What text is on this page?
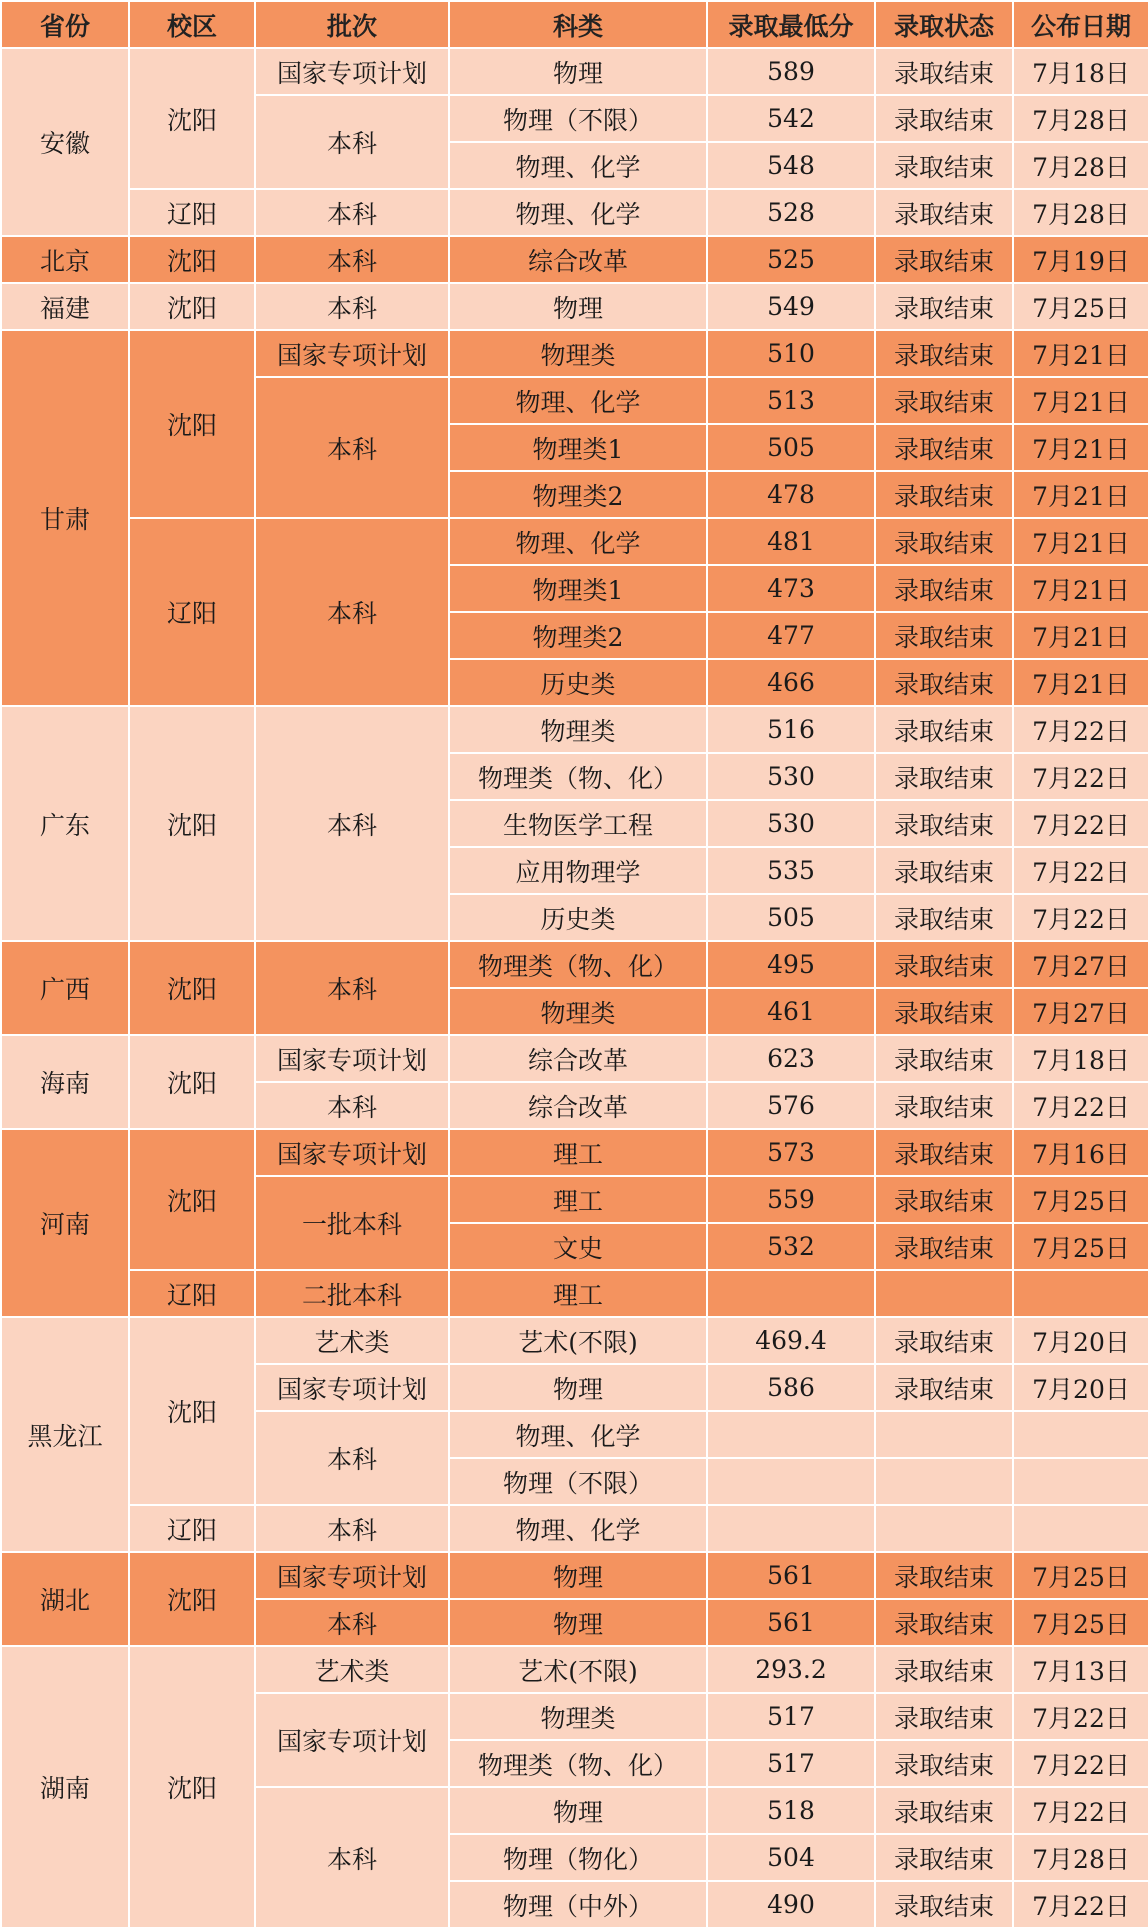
省份	校区	批次	科类	录取最低分	录取状态	公布日期
安徽	沈阳	国家专项计划	物理	589	录取结束	7月18日
		本科	物理（不限）	542	录取结束	7月28日
			物理、化学	548	录取结束	7月28日
	辽阳	本科	物理、化学	528	录取结束	7月28日
北京	沈阳	本科	综合改革	525	录取结束	7月19日
福建	沈阳	本科	物理	549	录取结束	7月25日
甘肃	沈阳	国家专项计划	物理类	510	录取结束	7月21日
		本科	物理、化学	513	录取结束	7月21日
			物理类1	505	录取结束	7月21日
			物理类2	478	录取结束	7月21日
	辽阳	本科	物理、化学	481	录取结束	7月21日
			物理类1	473	录取结束	7月21日
			物理类2	477	录取结束	7月21日
			历史类	466	录取结束	7月21日
广东	沈阳	本科	物理类	516	录取结束	7月22日
			物理类（物、化）	530	录取结束	7月22日
			生物医学工程	530	录取结束	7月22日
			应用物理学	535	录取结束	7月22日
			历史类	505	录取结束	7月22日
广西	沈阳	本科	物理类（物、化）	495	录取结束	7月27日
			物理类	461	录取结束	7月27日
海南	沈阳	国家专项计划	综合改革	623	录取结束	7月18日
		本科	综合改革	576	录取结束	7月22日
河南	沈阳	国家专项计划	理工	573	录取结束	7月16日
		一批本科	理工	559	录取结束	7月25日
			文史	532	录取结束	7月25日
	辽阳	二批本科	理工			
黑龙江	沈阳	艺术类	艺术(不限)	469.4	录取结束	7月20日
		国家专项计划	物理	586	录取结束	7月20日
		本科	物理、化学			
			物理（不限）			
	辽阳	本科	物理、化学			
湖北	沈阳	国家专项计划	物理	561	录取结束	7月25日
		本科	物理	561	录取结束	7月25日
湖南	沈阳	艺术类	艺术(不限)	293.2	录取结束	7月13日
		国家专项计划	物理类	517	录取结束	7月22日
			物理类（物、化）	517	录取结束	7月22日
		本科	物理	518	录取结束	7月22日
			物理（物化）	504	录取结束	7月28日
			物理（中外）	490	录取结束	7月22日
